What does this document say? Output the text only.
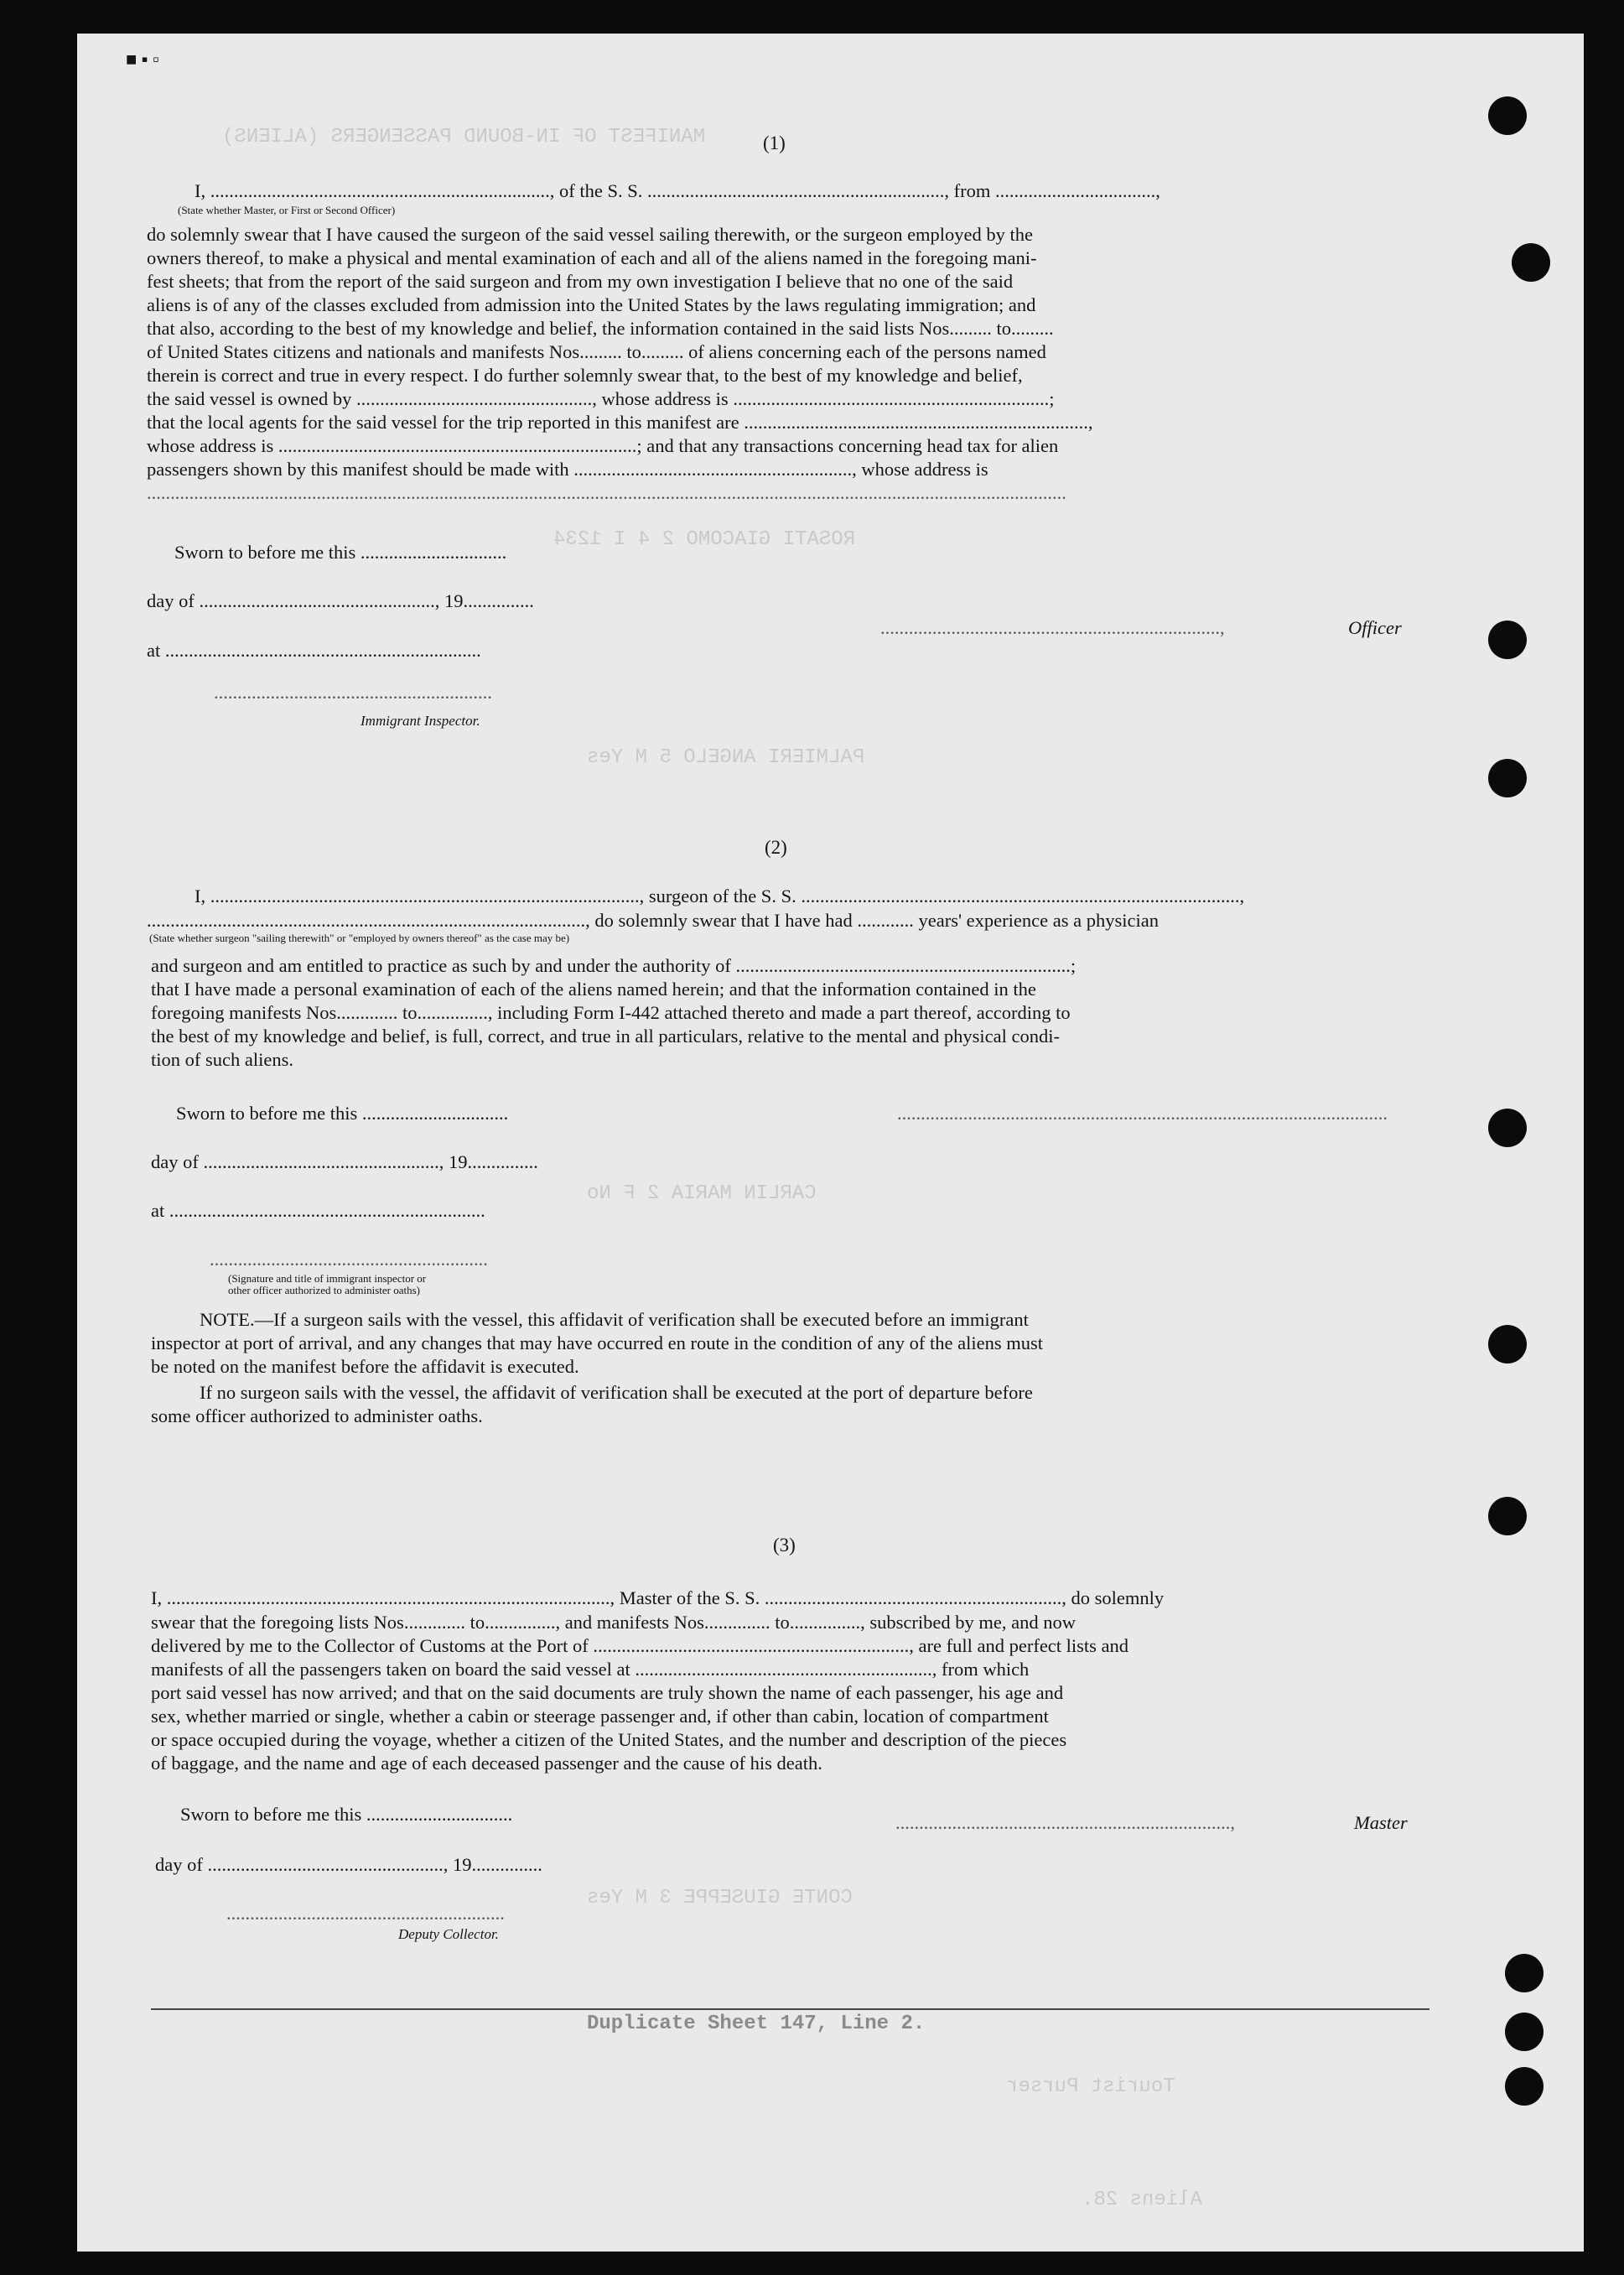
MANIFEST OF IN-BOUND PASSENGERS (ALIENS)
ROSATI GIACOMO 2 4 I 1234
PALMIERI ANGELO 5 M Yes
CARLIN MARIA 2 F No
CONTE GIUSEPPE 3 M Yes
Duplicate Sheet 147, Line 2.
Tourist Purser
Aliens 28.
■ ▪ ▫
(1)
I, ........................................................................, of the S. S. ..............................................................., from ..................................,
(State whether Master, or First or Second Officer)
do solemnly swear that I have caused the surgeon of the said vessel sailing therewith, or the surgeon employed by the
owners thereof, to make a physical and mental examination of each and all of the aliens named in the foregoing mani-
fest sheets; that from the report of the said surgeon and from my own investigation I believe that no one of the said
aliens is of any of the classes excluded from admission into the United States by the laws regulating immigration; and
that also, according to the best of my knowledge and belief, the information contained in the said lists Nos......... to.........
of United States citizens and nationals and manifests Nos......... to......... of aliens concerning each of the persons named
therein is correct and true in every respect. I do further solemnly swear that, to the best of my knowledge and belief,
the said vessel is owned by .................................................., whose address is ...................................................................;
that the local agents for the said vessel for the trip reported in this manifest are .........................................................................,
whose address is ............................................................................; and that any transactions concerning head tax for alien
passengers shown by this manifest should be made with ..........................................................., whose address is
...................................................................................................................................................................................................
Sworn to before me this ...............................
day of .................................................., 19...............
at ...................................................................
........................................................................,	Officer
...........................................................
Immigrant Inspector.
(2)
I, ..........................................................................................., surgeon of the S. S. .............................................................................................,
............................................................................................., do solemnly swear that I have had ............ years' experience as a physician
(State whether surgeon "sailing therewith" or "employed by owners thereof" as the case may be)
and surgeon and am entitled to practice as such by and under the authority of .......................................................................;
that I have made a personal examination of each of the aliens named herein; and that the information contained in the
foregoing manifests Nos............. to..............., including Form I-442 attached thereto and made a part thereof, according to
the best of my knowledge and belief, is full, correct, and true in all particulars, relative to the mental and physical condi-
tion of such aliens.
Sworn to before me this ...............................	........................................................................................................
day of .................................................., 19...............
at ...................................................................
...........................................................
(Signature and title of immigrant inspector or
other officer authorized to administer oaths)
NOTE.—If a surgeon sails with the vessel, this affidavit of verification shall be executed before an immigrant
inspector at port of arrival, and any changes that may have occurred en route in the condition of any of the aliens must
be noted on the manifest before the affidavit is executed.
If no surgeon sails with the vessel, the affidavit of verification shall be executed at the port of departure before
some officer authorized to administer oaths.
(3)
I, .............................................................................................., Master of the S. S. ..............................................................., do solemnly
swear that the foregoing lists Nos............. to..............., and manifests Nos.............. to..............., subscribed by me, and now
delivered by me to the Collector of Customs at the Port of ..................................................................., are full and perfect lists and
manifests of all the passengers taken on board the said vessel at ..............................................................., from which
port said vessel has now arrived; and that on the said documents are truly shown the name of each passenger, his age and
sex, whether married or single, whether a cabin or steerage passenger and, if other than cabin, location of compartment
or space occupied during the voyage, whether a citizen of the United States, and the number and description of the pieces
of baggage, and the name and age of each deceased passenger and the cause of his death.
Sworn to before me this ...............................	.......................................................................,	Master
day of .................................................., 19...............
...........................................................
Deputy Collector.
